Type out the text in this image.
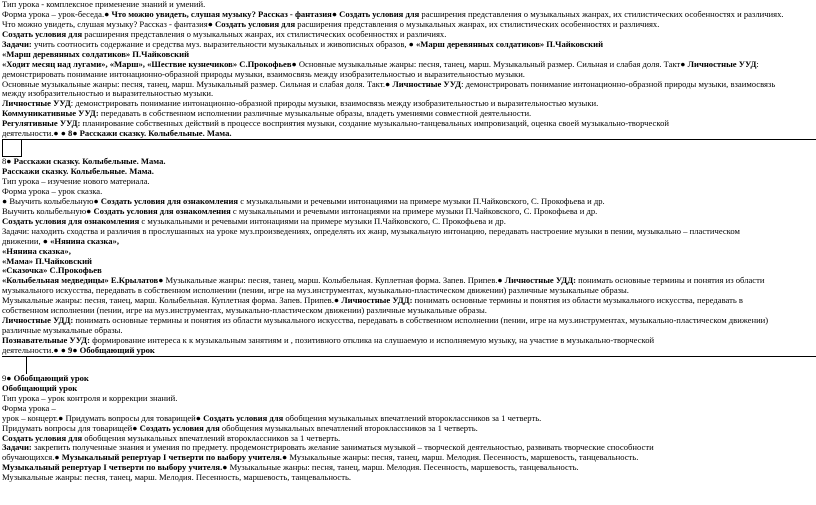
Тип урока - комплексное применение знаний и умений.
Форма урока – урок-беседа.● Что можно увидеть, слушая музыку? Рассказ - фантазия● Создать условия для расширения представления о музыкальных жанрах, их стилистических особенностях и различиях.
Что можно увидеть, слушая музыку? Рассказ - фантазия● Создать условия для расширения представления о музыкальных жанрах, их стилистических особенностях и различиях.
Создать условия для расширения представления о музыкальных жанрах, их стилистических особенностях и различиях.
Задачи: учить соотносить содержание и средства муз. выразительности музыкальных и живописных образов, ● «Марш деревянных солдатиков» П.Чайковский
«Марш деревянных солдатиков» П.Чайковский
«Ходит месяц над лугами», «Марш», «Шествие кузнечиков» С.Прокофьев● Основные музыкальные жанры: песня, танец, марш. Музыкальный размер. Сильная и слабая доля. Такт● Личностные УУД:
демонстрировать понимание интонационно-образной природы музыки, взаимосвязь между изобразительностью и выразительностью музыки.
Основные музыкальные жанры: песня, танец, марш. Музыкальный размер. Сильная и слабая доля. Такт.● Личностные УУД: демонстрировать понимание интонационно-образной природы музыки, взаимосвязь
между изобразительностью и выразительностью музыки.
Личностные УУД: демонстрировать понимание интонационно-образной природы музыки, взаимосвязь между изобразительностью и выразительностью музыки.
Коммуникативные УУД: передавать в собственном исполнении различные музыкальные образы, владеть умениями совместной деятельности.
Регулятивные УУД: планирование собственных действий в процессе восприятия музыки, создание музыкально-танцевальных импровизаций, оценка своей музыкально-творческой
деятельности.● ● 8● Расскажи сказку. Колыбельные. Мама.
8● Расскажи сказку. Колыбельные. Мама.
Расскажи сказку. Колыбельные. Мама.
Тип урока – изучение нового материала.
Форма урока – урок сказка.
● Выучить колыбельную● Создать условия для ознакомления с музыкальными и речевыми интонациями на примере музыки П.Чайковского, С. Прокофьева и др.
Выучить колыбельную● Создать условия для ознакомления с музыкальными и речевыми интонациями на примере музыки П.Чайковского, С. Прокофьева и др.
Создать условия для ознакомления с музыкальными и речевыми интонациями на примере музыки П.Чайковского, С. Прокофьева и др.
Задачи: находить сходства и различия в прослушанных на уроке муз.произведениях, определять их жанр, музыкальную интонацию, передавать настроение музыки в пении, музыкально – пластическом
движении, ● «Нянина сказка»,
«Нянина сказка»,
«Мама» П.Чайковский
«Сказочка» С.Прокофьев
«Колыбельная медведицы» Е.Крылатов● Музыкальные жанры: песня, танец, марш. Колыбельная. Куплетная форма. Запев. Припев.● Личностные УДД: понимать основные термины и понятия из области
музыкального искусства, передавать в собственном исполнении (пении, игре на муз.инструментах, музыкально-пластическом движении) различные музыкальные образы.
Музыкальные жанры: песня, танец, марш. Колыбельная. Куплетная форма. Запев. Припев.● Личностные УДД: понимать основные термины и понятия из области музыкального искусства, передавать в
собственном исполнении (пении, игре на муз.инструментах, музыкально-пластическом движении) различные музыкальные образы.
Личностные УДД: понимать основные термины и понятия из области музыкального искусства, передавать в собственном исполнении (пении, игре на муз.инструментах, музыкально-пластическом движении)
различные музыкальные образы.
Познавательные УУД: формирование интереса к к музыкальным занятиям и , позитивного отклика на слушаемую и исполняемую музыку, на участие в музыкально-творческой
деятельности.● ● 9● Обобщающий урок
9● Обобщающий урок
Обобщающий урок
Тип урока – урок контроля и коррекции знаний.
Форма урока –
урок – концерт.● Придумать вопросы для товарищей● Создать условия для обобщения музыкальных впечатлений второклассников за 1 четверть.
Придумать вопросы для товарищей● Создать условия для обобщения музыкальных впечатлений второклассников за 1 четверть.
Создать условия для обобщения музыкальных впечатлений второклассников за 1 четверть.
Задачи: закрепить полученные знания и умения по предмету. продемонстрировать желание заниматься музыкой – творческой деятельностью, развивать творческие способности
обучающихся.● Музыкальный репертуар I четверти по выбору учителя.● Музыкальные жанры: песня, танец, марш. Мелодия. Песенность, маршевость, танцевальность.
Музыкальный репертуар I четверти по выбору учителя.● Музыкальные жанры: песня, танец, марш. Мелодия. Песенность, маршевость, танцевальность.
Музыкальные жанры: песня, танец, марш. Мелодия. Песенность, маршевость, танцевальность.
